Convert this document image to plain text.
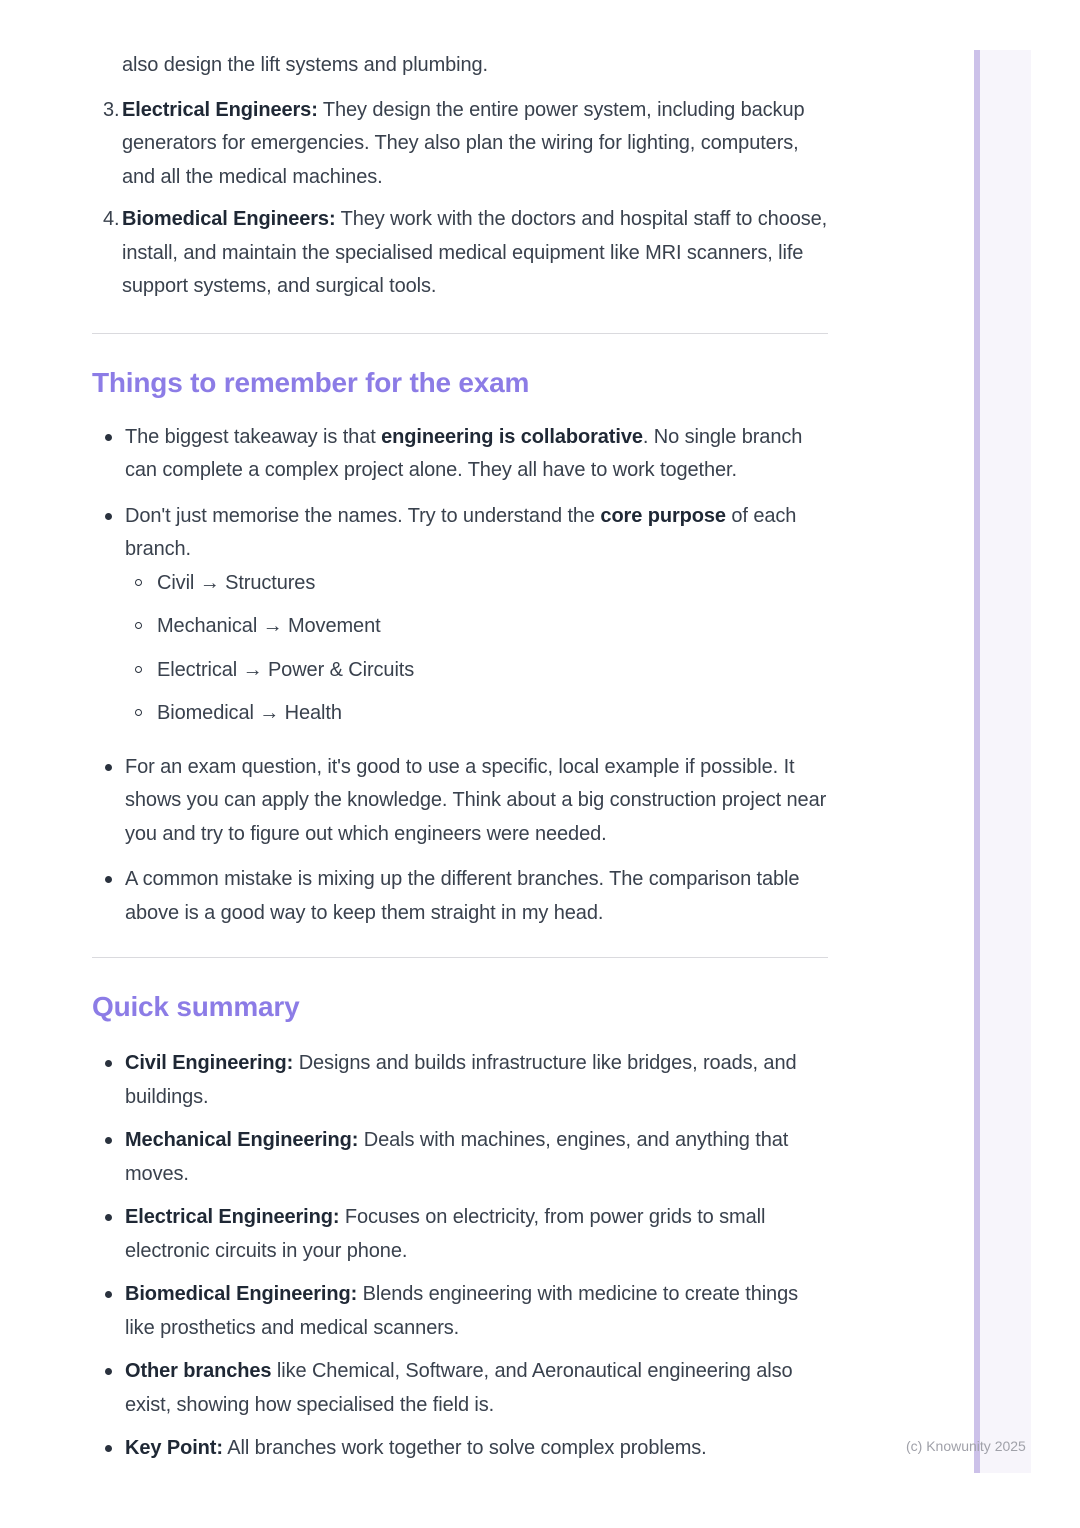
(c) Knowunity 2025

also design the lift systems and plumbing.

3. Electrical Engineers: They design the entire power system, including backup generators for emergencies. They also plan the wiring for lighting, computers, and all the medical machines.

4. Biomedical Engineers: They work with the doctors and hospital staff to choose, install, and maintain the specialised medical equipment like MRI scanners, life support systems, and surgical tools.

Things to remember for the exam

The biggest takeaway is that engineering is collaborative. No single branch can complete a complex project alone. They all have to work together.

Don't just memorise the names. Try to understand the core purpose of each branch.

Civil → Structures
Mechanical → Movement
Electrical → Power & Circuits
Biomedical → Health

For an exam question, it's good to use a specific, local example if possible. It shows you can apply the knowledge. Think about a big construction project near you and try to figure out which engineers were needed.

A common mistake is mixing up the different branches. The comparison table above is a good way to keep them straight in my head.

Quick summary

Civil Engineering: Designs and builds infrastructure like bridges, roads, and buildings.

Mechanical Engineering: Deals with machines, engines, and anything that moves.

Electrical Engineering: Focuses on electricity, from power grids to small electronic circuits in your phone.

Biomedical Engineering: Blends engineering with medicine to create things like prosthetics and medical scanners.

Other branches like Chemical, Software, and Aeronautical engineering also exist, showing how specialised the field is.

Key Point: All branches work together to solve complex problems.
